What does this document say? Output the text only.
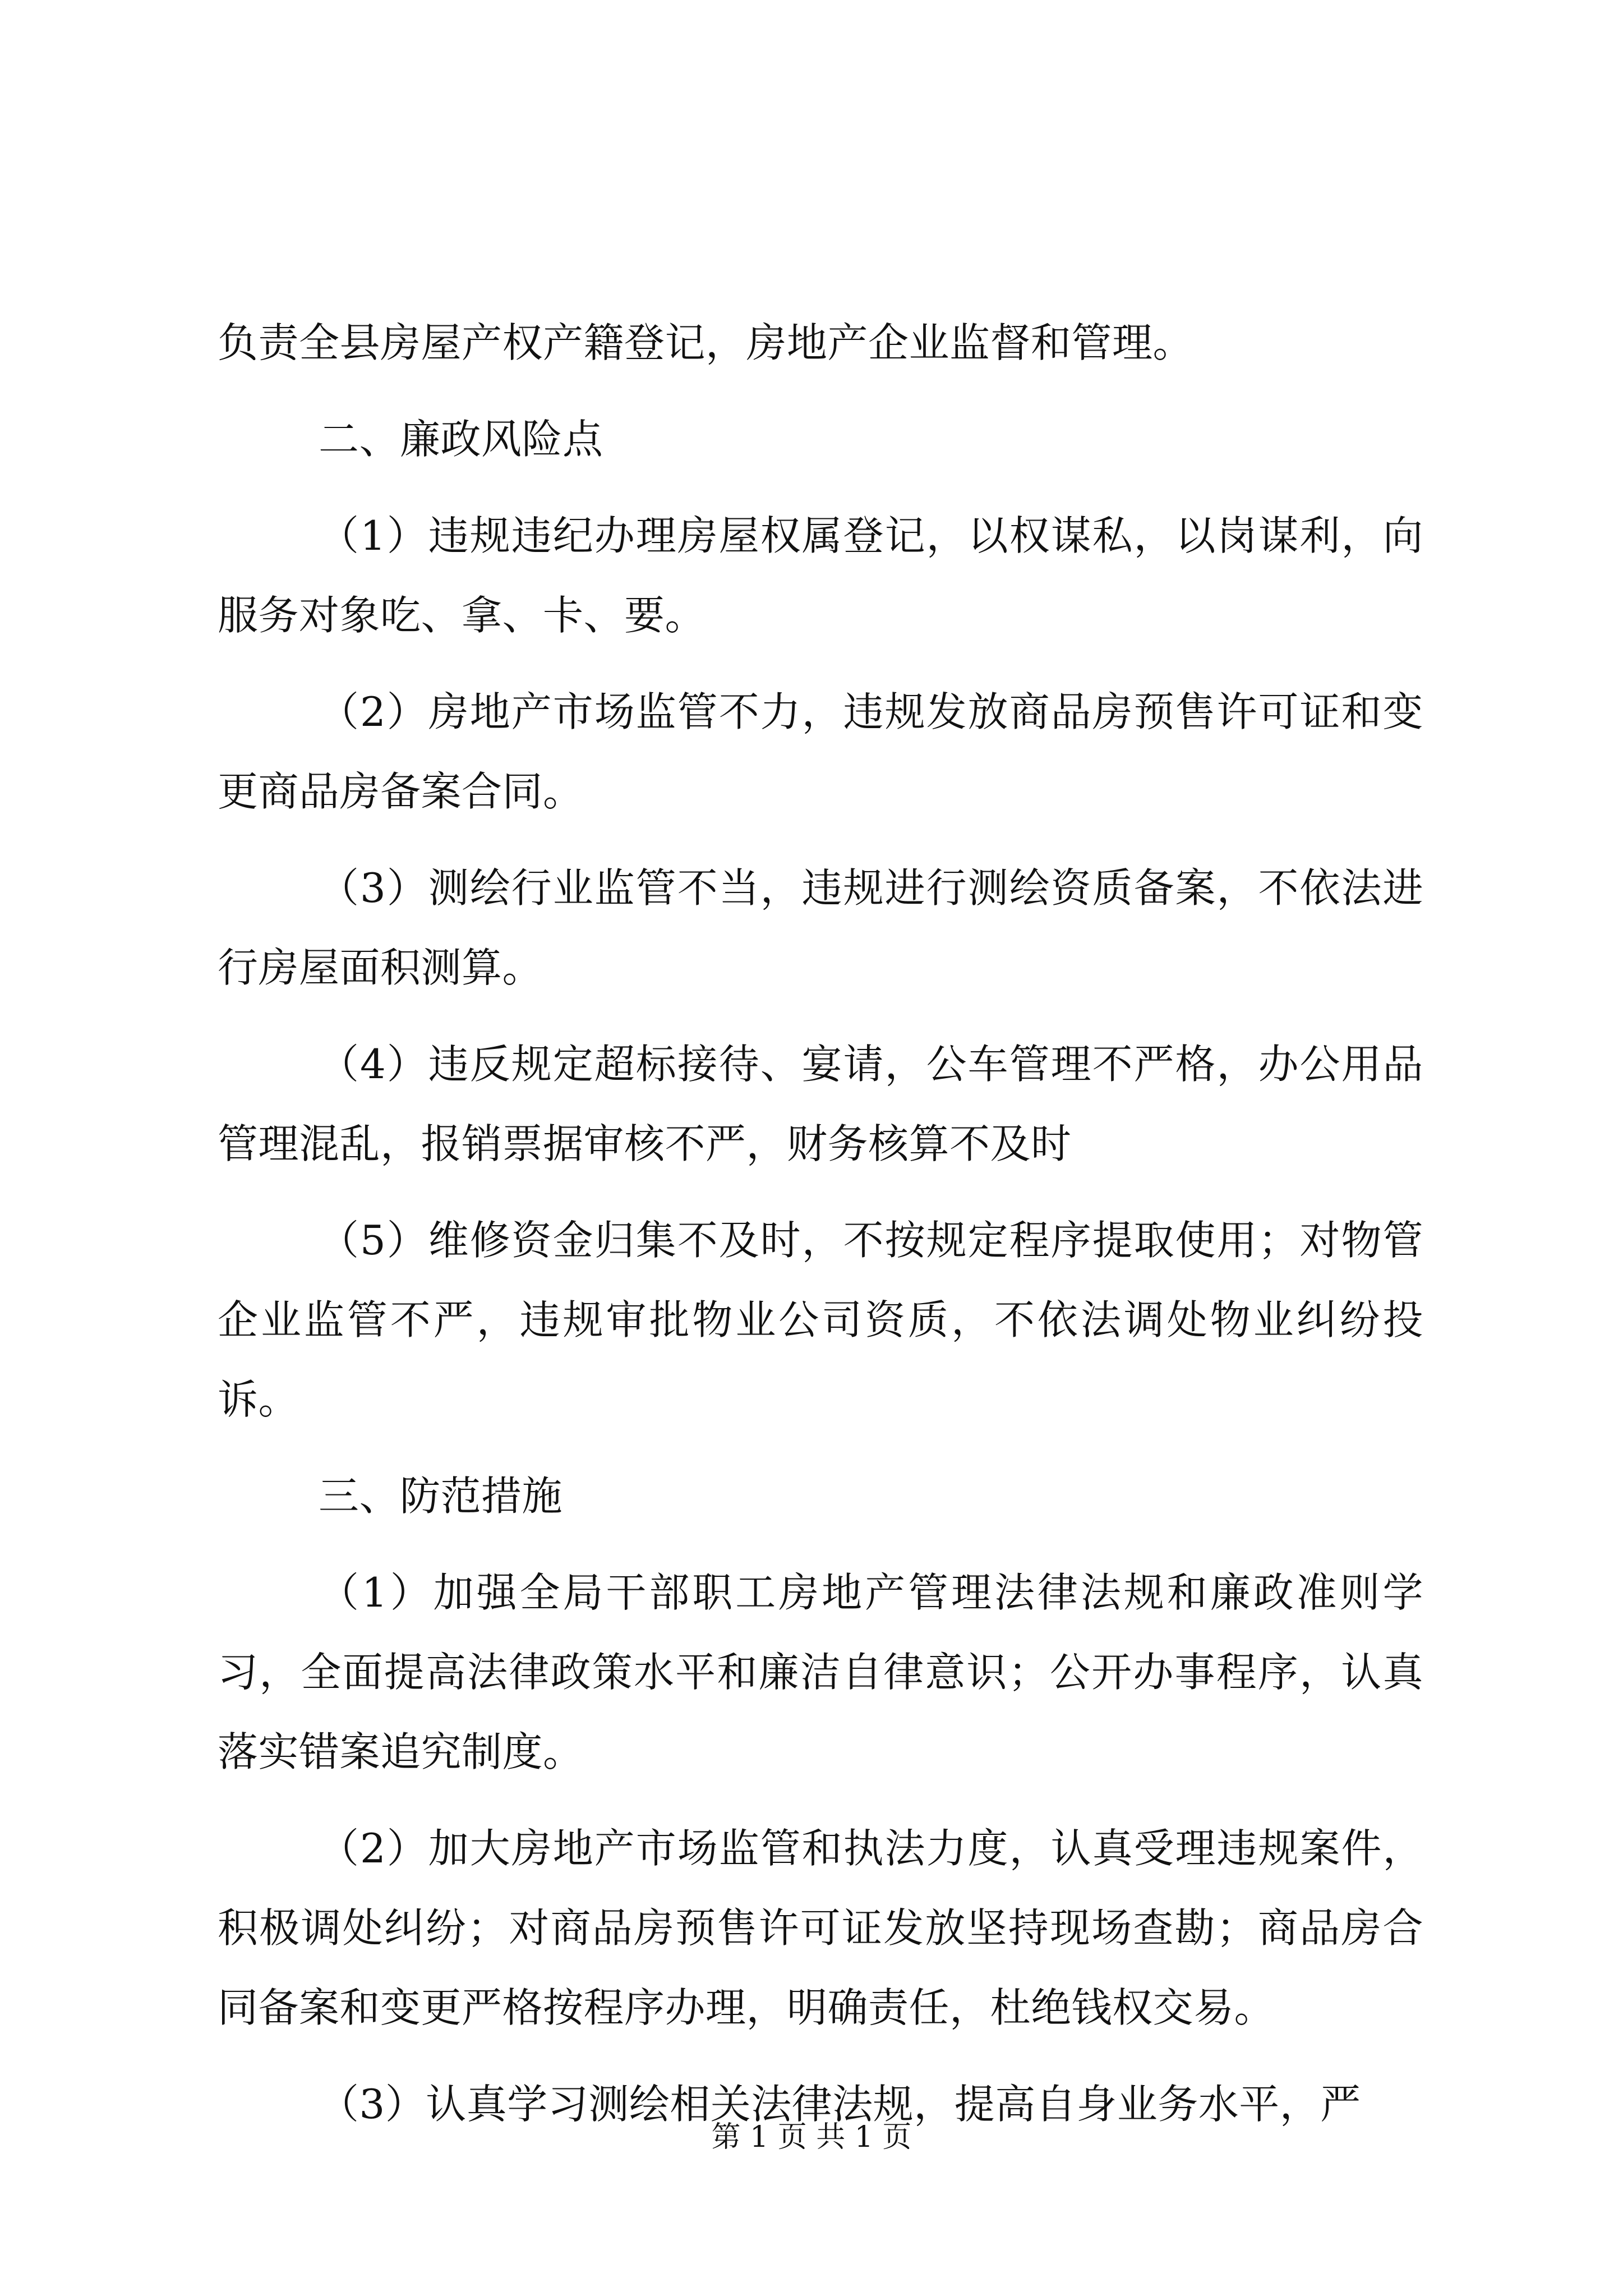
负责全县房屋产权产籍登记，房地产企业监督和管理。

二、廉政风险点

（1）违规违纪办理房屋权属登记，以权谋私，以岗谋利，向服务对象吃、拿、卡、要。

（2）房地产市场监管不力，违规发放商品房预售许可证和变更商品房备案合同。

（3）测绘行业监管不当，违规进行测绘资质备案，不依法进行房屋面积测算。

（4）违反规定超标接待、宴请，公车管理不严格，办公用品管理混乱，报销票据审核不严，财务核算不及时

（5）维修资金归集不及时，不按规定程序提取使用；对物管企业监管不严，违规审批物业公司资质，不依法调处物业纠纷投诉。

三、防范措施

（1）加强全局干部职工房地产管理法律法规和廉政准则学习，全面提高法律政策水平和廉洁自律意识；公开办事程序，认真落实错案追究制度。

（2）加大房地产市场监管和执法力度，认真受理违规案件，积极调处纠纷；对商品房预售许可证发放坚持现场查勘；商品房合同备案和变更严格按程序办理，明确责任，杜绝钱权交易。

（3）认真学习测绘相关法律法规，提高自身业务水平，严

第 1 页 共 1 页
